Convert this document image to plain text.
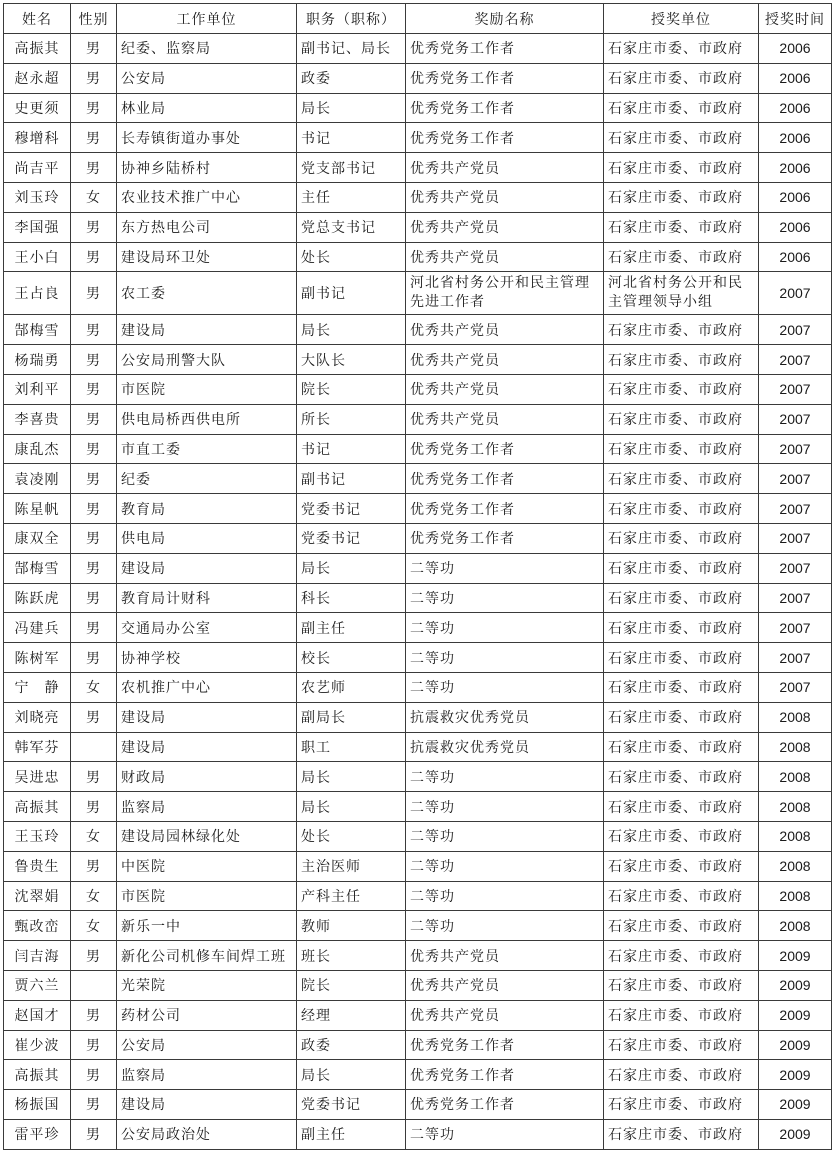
姓名	性别	工作单位	职务（职称）	奖励名称	授奖单位	授奖时间
高振其	男	纪委、监察局	副书记、局长	优秀党务工作者	石家庄市委、市政府	2006
赵永超	男	公安局	政委	优秀党务工作者	石家庄市委、市政府	2006
史更须	男	林业局	局长	优秀党务工作者	石家庄市委、市政府	2006
穆增科	男	长寿镇街道办事处	书记	优秀党务工作者	石家庄市委、市政府	2006
尚吉平	男	协神乡陆桥村	党支部书记	优秀共产党员	石家庄市委、市政府	2006
刘玉玲	女	农业技术推广中心	主任	优秀共产党员	石家庄市委、市政府	2006
李国强	男	东方热电公司	党总支书记	优秀共产党员	石家庄市委、市政府	2006
王小白	男	建设局环卫处	处长	优秀共产党员	石家庄市委、市政府	2006
王占良	男	农工委	副书记	河北省村务公开和民主管理先进工作者	河北省村务公开和民主管理领导小组	2007
郜梅雪	男	建设局	局长	优秀共产党员	石家庄市委、市政府	2007
杨瑞勇	男	公安局刑警大队	大队长	优秀共产党员	石家庄市委、市政府	2007
刘利平	男	市医院	院长	优秀共产党员	石家庄市委、市政府	2007
李喜贵	男	供电局桥西供电所	所长	优秀共产党员	石家庄市委、市政府	2007
康乱杰	男	市直工委	书记	优秀党务工作者	石家庄市委、市政府	2007
袁凌刚	男	纪委	副书记	优秀党务工作者	石家庄市委、市政府	2007
陈星帆	男	教育局	党委书记	优秀党务工作者	石家庄市委、市政府	2007
康双全	男	供电局	党委书记	优秀党务工作者	石家庄市委、市政府	2007
郜梅雪	男	建设局	局长	二等功	石家庄市委、市政府	2007
陈跃虎	男	教育局计财科	科长	二等功	石家庄市委、市政府	2007
冯建兵	男	交通局办公室	副主任	二等功	石家庄市委、市政府	2007
陈树军	男	协神学校	校长	二等功	石家庄市委、市政府	2007
宁　静	女	农机推广中心	农艺师	二等功	石家庄市委、市政府	2007
刘晓亮	男	建设局	副局长	抗震救灾优秀党员	石家庄市委、市政府	2008
韩军芬		建设局	职工	抗震救灾优秀党员	石家庄市委、市政府	2008
吴进忠	男	财政局	局长	二等功	石家庄市委、市政府	2008
高振其	男	监察局	局长	二等功	石家庄市委、市政府	2008
王玉玲	女	建设局园林绿化处	处长	二等功	石家庄市委、市政府	2008
鲁贵生	男	中医院	主治医师	二等功	石家庄市委、市政府	2008
沈翠娟	女	市医院	产科主任	二等功	石家庄市委、市政府	2008
甄改峦	女	新乐一中	教师	二等功	石家庄市委、市政府	2008
闫吉海	男	新化公司机修车间焊工班	班长	优秀共产党员	石家庄市委、市政府	2009
贾六兰		光荣院	院长	优秀共产党员	石家庄市委、市政府	2009
赵国才	男	药材公司	经理	优秀共产党员	石家庄市委、市政府	2009
崔少波	男	公安局	政委	优秀党务工作者	石家庄市委、市政府	2009
高振其	男	监察局	局长	优秀党务工作者	石家庄市委、市政府	2009
杨振国	男	建设局	党委书记	优秀党务工作者	石家庄市委、市政府	2009
雷平珍	男	公安局政治处	副主任	二等功	石家庄市委、市政府	2009
